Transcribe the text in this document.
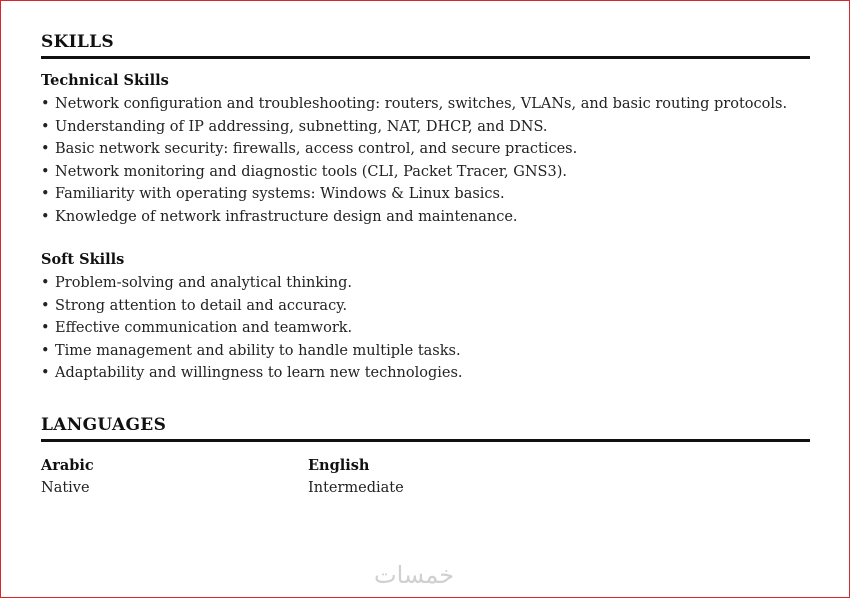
SKILLS
Technical Skills
• Network configuration and troubleshooting: routers, switches, VLANs, and basic routing protocols.
• Understanding of IP addressing, subnetting, NAT, DHCP, and DNS.
• Basic network security: firewalls, access control, and secure practices.
• Network monitoring and diagnostic tools (CLI, Packet Tracer, GNS3).
• Familiarity with operating systems: Windows & Linux basics.
• Knowledge of network infrastructure design and maintenance.
Soft Skills
• Problem-solving and analytical thinking.
• Strong attention to detail and accuracy.
• Effective communication and teamwork.
• Time management and ability to handle multiple tasks.
• Adaptability and willingness to learn new technologies.
LANGUAGES
Arabic
Native
English
Intermediate
خمسات
